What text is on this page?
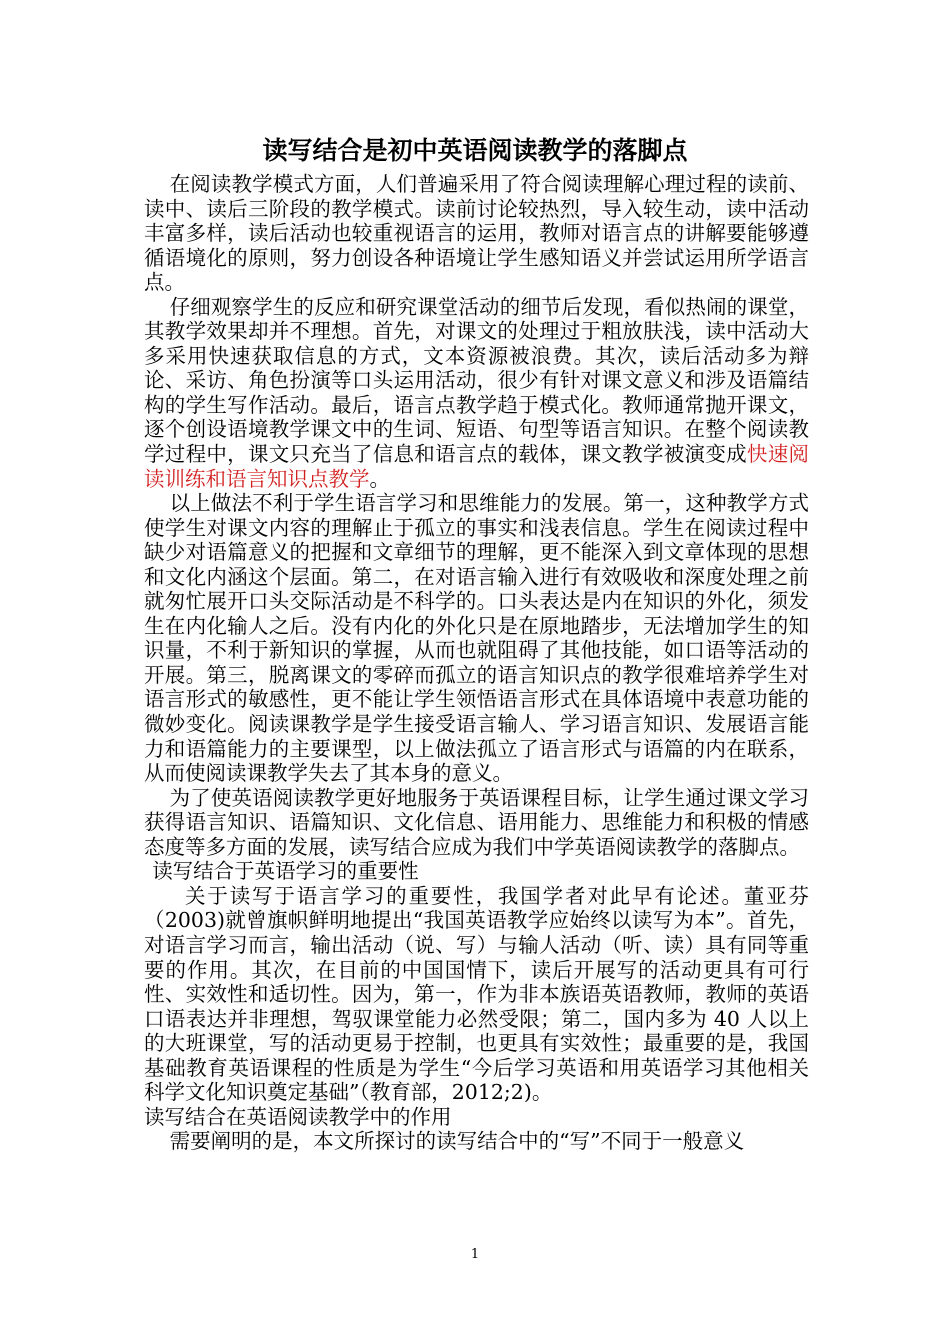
读写结合是初中英语阅读教学的落脚点

在阅读教学模式方面，人们普遍采用了符合阅读理解心理过程的读前、读中、读后三阶段的教学模式。读前讨论较热烈，导入较生动，读中活动丰富多样，读后活动也较重视语言的运用，教师对语言点的讲解要能够遵循语境化的原则，努力创设各种语境让学生感知语义并尝试运用所学语言点。

仔细观察学生的反应和研究课堂活动的细节后发现，看似热闹的课堂，其教学效果却并不理想。首先，对课文的处理过于粗放肤浅，读中活动大多采用快速获取信息的方式，文本资源被浪费。其次，读后活动多为辩论、采访、角色扮演等口头运用活动，很少有针对课文意义和涉及语篇结构的学生写作活动。最后，语言点教学趋于模式化。教师通常抛开课文，逐个创设语境教学课文中的生词、短语、句型等语言知识。在整个阅读教学过程中，课文只充当了信息和语言点的载体，课文教学被演变成快速阅读训练和语言知识点教学。

以上做法不利于学生语言学习和思维能力的发展。第一，这种教学方式使学生对课文内容的理解止于孤立的事实和浅表信息。学生在阅读过程中缺少对语篇意义的把握和文章细节的理解，更不能深入到文章体现的思想和文化内涵这个层面。第二，在对语言输入进行有效吸收和深度处理之前就匆忙展开口头交际活动是不科学的。口头表达是内在知识的外化，须发生在内化输人之后。没有内化的外化只是在原地踏步，无法增加学生的知识量，不利于新知识的掌握，从而也就阻碍了其他技能，如口语等活动的开展。第三，脱离课文的零碎而孤立的语言知识点的教学很难培养学生对语言形式的敏感性，更不能让学生领悟语言形式在具体语境中表意功能的微妙变化。阅读课教学是学生接受语言输人、学习语言知识、发展语言能力和语篇能力的主要课型，以上做法孤立了语言形式与语篇的内在联系，从而使阅读课教学失去了其本身的意义。

为了使英语阅读教学更好地服务于英语课程目标，让学生通过课文学习获得语言知识、语篇知识、文化信息、语用能力、思维能力和积极的情感态度等多方面的发展，读写结合应成为我们中学英语阅读教学的落脚点。

读写结合于英语学习的重要性

关于读写于语言学习的重要性，我国学者对此早有论述。董亚芬（2003)就曾旗帜鲜明地提出“我国英语教学应始终以读写为本”。首先，对语言学习而言，输出活动（说、写）与输人活动（听、读）具有同等重要的作用。其次，在目前的中国国情下，读后开展写的活动更具有可行性、实效性和适切性。因为，第一，作为非本族语英语教师，教师的英语口语表达并非理想，驾驭课堂能力必然受限；第二，国内多为 40 人以上的大班课堂，写的活动更易于控制，也更具有实效性；最重要的是，我国基础教育英语课程的性质是为学生“今后学习英语和用英语学习其他相关科学文化知识奠定基础”（教育部，2012;2)。

读写结合在英语阅读教学中的作用

需要阐明的是，本文所探讨的读写结合中的“写”不同于一般意义

1
